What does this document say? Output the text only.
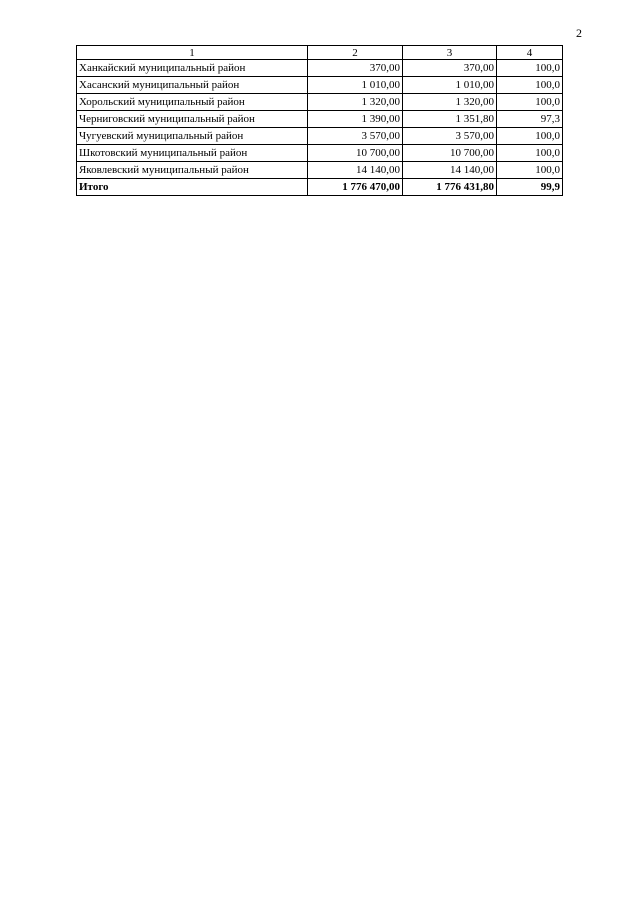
2
1	2	3	4
Ханкайский муниципальный район	370,00	370,00	100,0
Хасанский муниципальный район	1 010,00	1 010,00	100,0
Хорольский муниципальный район	1 320,00	1 320,00	100,0
Черниговский муниципальный район	1 390,00	1 351,80	97,3
Чугуевский муниципальный район	3 570,00	3 570,00	100,0
Шкотовский муниципальный район	10 700,00	10 700,00	100,0
Яковлевский муниципальный район	14 140,00	14 140,00	100,0
Итого	1 776 470,00	1 776 431,80	99,9
